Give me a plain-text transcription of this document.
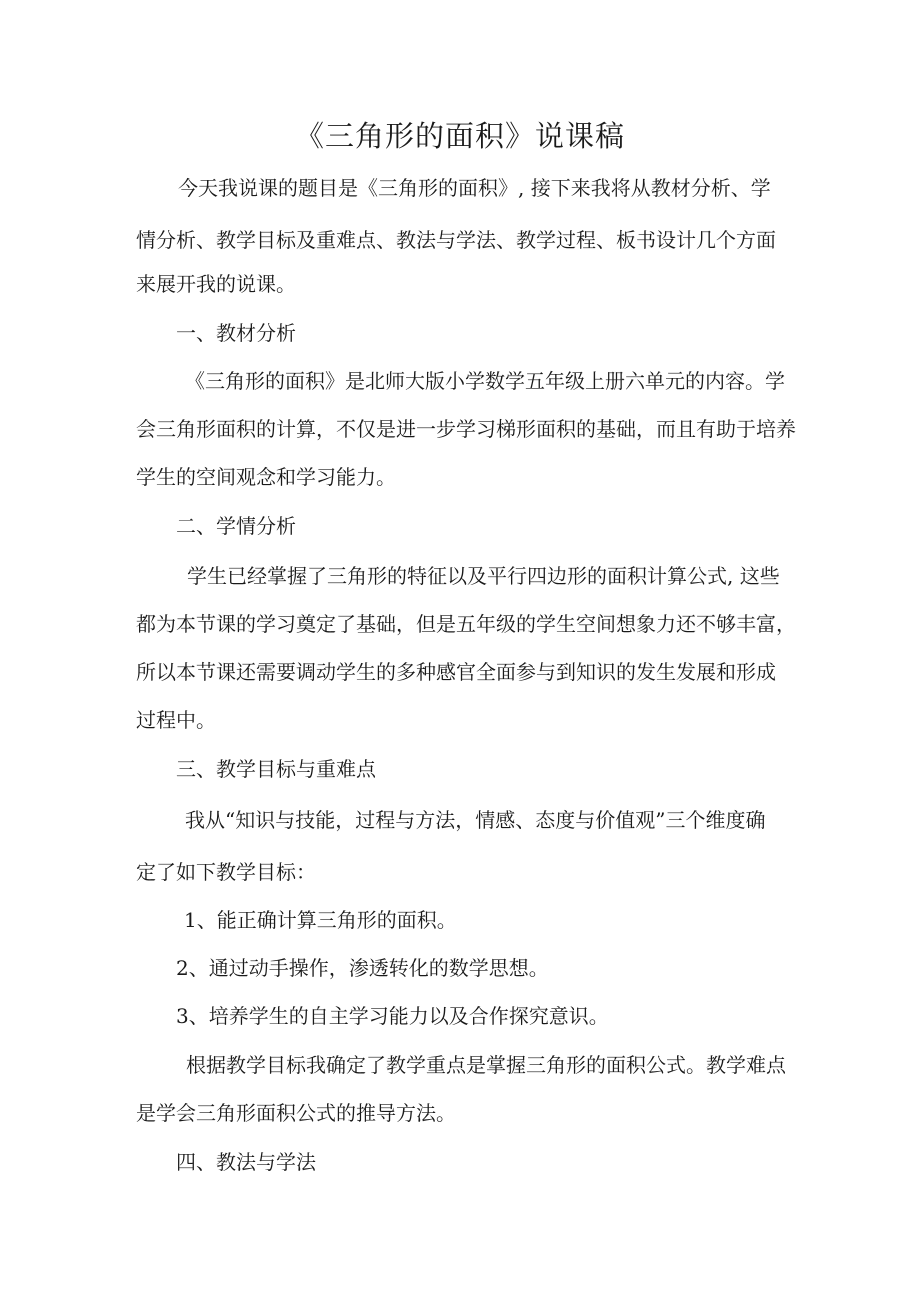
《三角形的面积》说课稿
今天我说课的题目是《三角形的面积》, 接下来我将从教材分析、学
情分析、教学目标及重难点、教法与学法、教学过程、板书设计几个方面
来展开我的说课。
一、教材分析
《三角形的面积》是北师大版小学数学五年级上册六单元的内容。学
会三角形面积的计算，不仅是进一步学习梯形面积的基础，而且有助于培养
学生的空间观念和学习能力。
二、学情分析
学生已经掌握了三角形的特征以及平行四边形的面积计算公式, 这些
都为本节课的学习奠定了基础，但是五年级的学生空间想象力还不够丰富，
所以本节课还需要调动学生的多种感官全面参与到知识的发生发展和形成
过程中。
三、教学目标与重难点
我从“知识与技能，过程与方法，情感、态度与价值观”三个维度确
定了如下教学目标：
1、能正确计算三角形的面积。
2、通过动手操作，渗透转化的数学思想。
3、培养学生的自主学习能力以及合作探究意识。
根据教学目标我确定了教学重点是掌握三角形的面积公式。教学难点
是学会三角形面积公式的推导方法。
四、教法与学法
